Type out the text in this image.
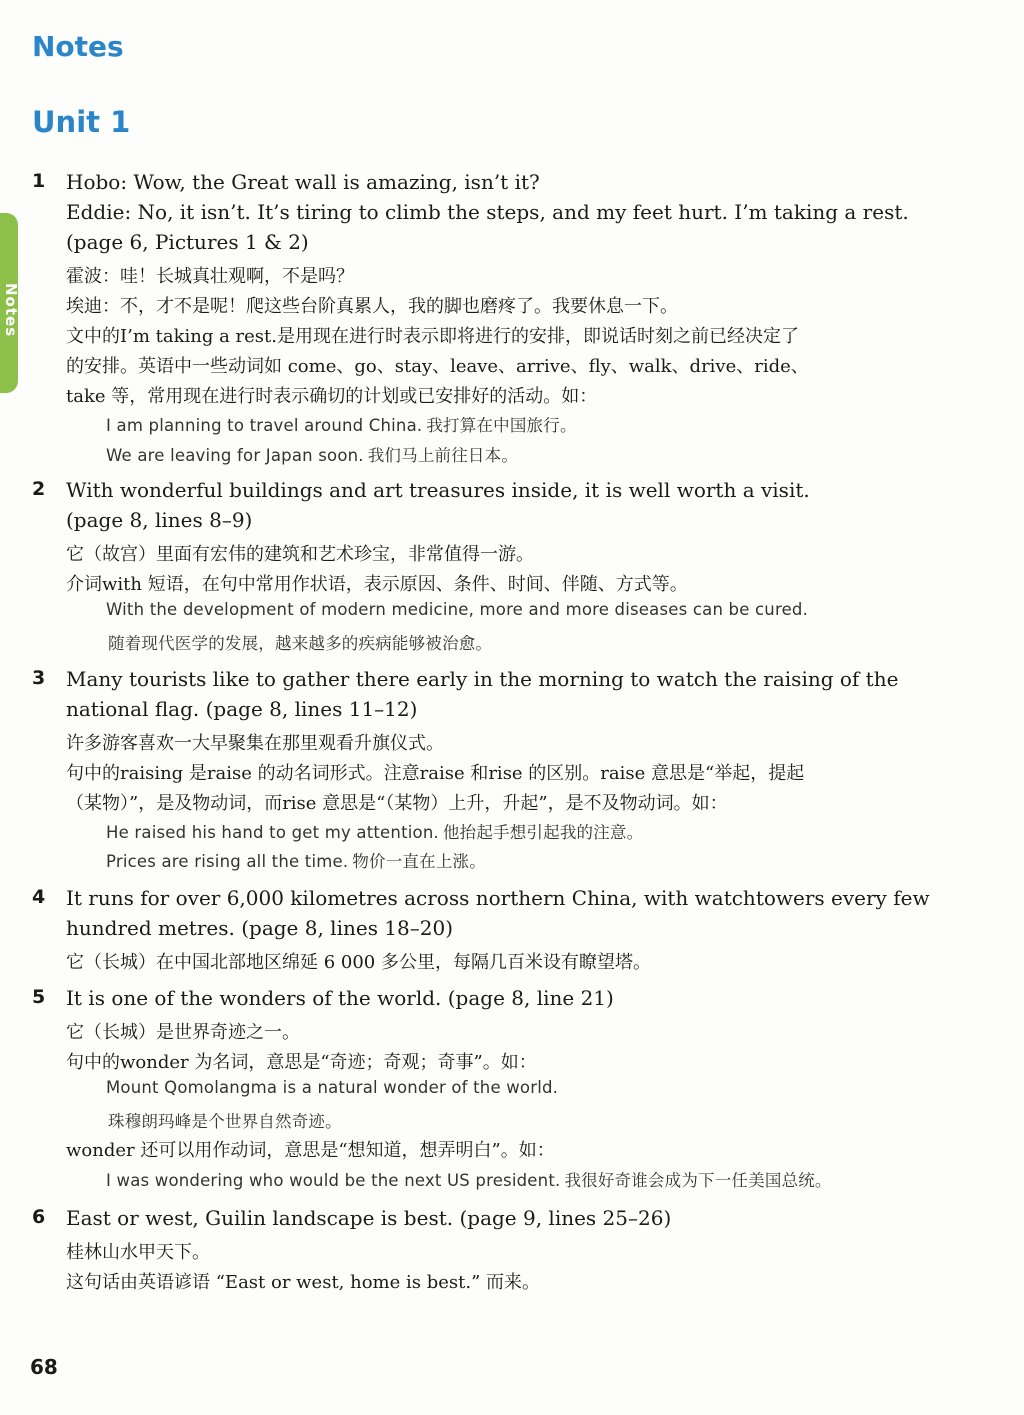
Notes
Notes
Unit 1
1 Hobo: Wow, the Great wall is amazing, isn’t it?
Eddie: No, it isn’t. It’s tiring to climb the steps, and my feet hurt. I’m taking a rest.
(page 6, Pictures 1 & 2)
霍波：哇！长城真壮观啊，不是吗？
埃迪：不，才不是呢！爬这些台阶真累人，我的脚也磨疼了。我要休息一下。
文中的I’m taking a rest.是用现在进行时表示即将进行的安排，即说话时刻之前已经决定了
的安排。英语中一些动词如 come、go、stay、leave、arrive、fly、walk、drive、ride、
take 等，常用现在进行时表示确切的计划或已安排好的活动。如：
I am planning to travel around China. 我打算在中国旅行。
We are leaving for Japan soon. 我们马上前往日本。
2 With wonderful buildings and art treasures inside, it is well worth a visit.
(page 8, lines 8–9)
它（故宫）里面有宏伟的建筑和艺术珍宝，非常值得一游。
介词with 短语，在句中常用作状语，表示原因、条件、时间、伴随、方式等。
With the development of modern medicine, more and more diseases can be cured.
随着现代医学的发展，越来越多的疾病能够被治愈。
3 Many tourists like to gather there early in the morning to watch the raising of the
national flag. (page 8, lines 11–12)
许多游客喜欢一大早聚集在那里观看升旗仪式。
句中的raising 是raise 的动名词形式。注意raise 和rise 的区别。raise 意思是“举起，提起
（某物）”，是及物动词，而rise 意思是“（某物）上升，升起”，是不及物动词。如：
He raised his hand to get my attention. 他抬起手想引起我的注意。
Prices are rising all the time. 物价一直在上涨。
4 It runs for over 6,000 kilometres across northern China, with watchtowers every few
hundred metres. (page 8, lines 18–20)
它（长城）在中国北部地区绵延 6 000 多公里，每隔几百米设有瞭望塔。
5 It is one of the wonders of the world. (page 8, line 21)
它（长城）是世界奇迹之一。
句中的wonder 为名词，意思是“奇迹；奇观；奇事”。如：
Mount Qomolangma is a natural wonder of the world.
珠穆朗玛峰是个世界自然奇迹。
wonder 还可以用作动词，意思是“想知道，想弄明白”。如：
I was wondering who would be the next US president. 我很好奇谁会成为下一任美国总统。
6 East or west, Guilin landscape is best. (page 9, lines 25–26)
桂林山水甲天下。
这句话由英语谚语 “East or west, home is best.” 而来。
68
